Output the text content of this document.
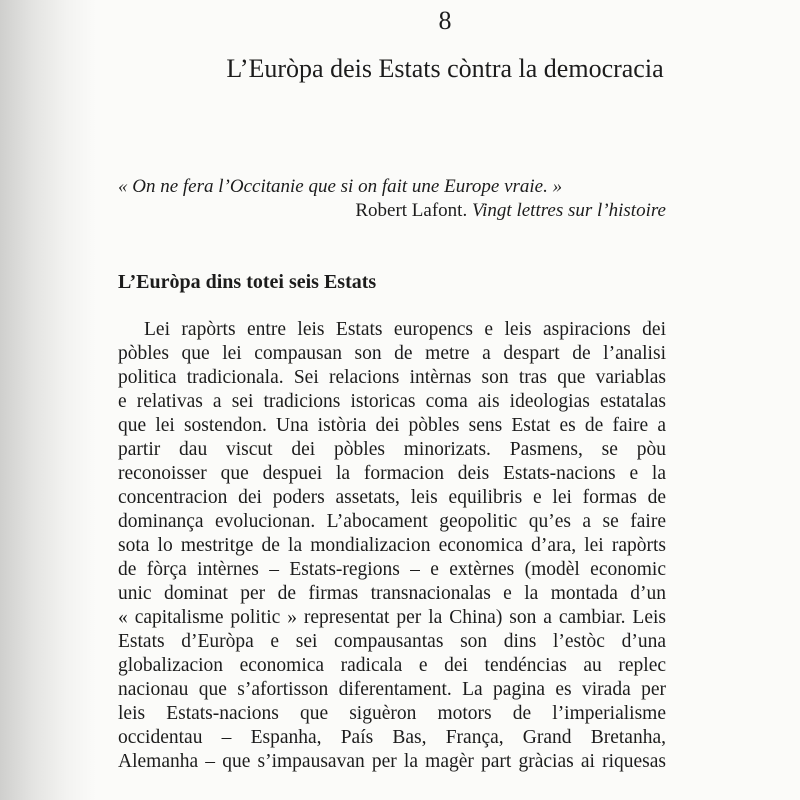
8
L’Euròpa deis Estats còntra la democracia
« On ne fera l’Occitanie que si on fait une Europe vraie. »
Robert Lafont. Vingt lettres sur l’histoire
L’Euròpa dins totei seis Estats
Lei rapòrts entre leis Estats europencs e leis aspiracions dei
pòbles que lei compausan son de metre a despart de l’analisi
politica tradicionala. Sei relacions intèrnas son tras que variablas
e relativas a sei tradicions istoricas coma ais ideologias estatalas
que lei sostendon. Una istòria dei pòbles sens Estat es de faire a
partir dau viscut dei pòbles minorizats. Pasmens, se pòu
reconoisser que despuei la formacion deis Estats-nacions e la
concentracion dei poders assetats, leis equilibris e lei formas de
dominança evolucionan. L’abocament geopolitic qu’es a se faire
sota lo mestritge de la mondializacion economica d’ara, lei rapòrts
de fòrça intèrnes – Estats-regions – e extèrnes (modèl economic
unic dominat per de firmas transnacionalas e la montada d’un
« capitalisme politic » representat per la China) son a cambiar. Leis
Estats d’Euròpa e sei compausantas son dins l’estòc d’una
globalizacion economica radicala e dei tendéncias au replec
nacionau que s’afortisson diferentament. La pagina es virada per
leis Estats-nacions que siguèron motors de l’imperialisme
occidentau – Espanha, País Bas, França, Grand Bretanha,
Alemanha – que s’impausavan per la magèr part gràcias ai riquesas
